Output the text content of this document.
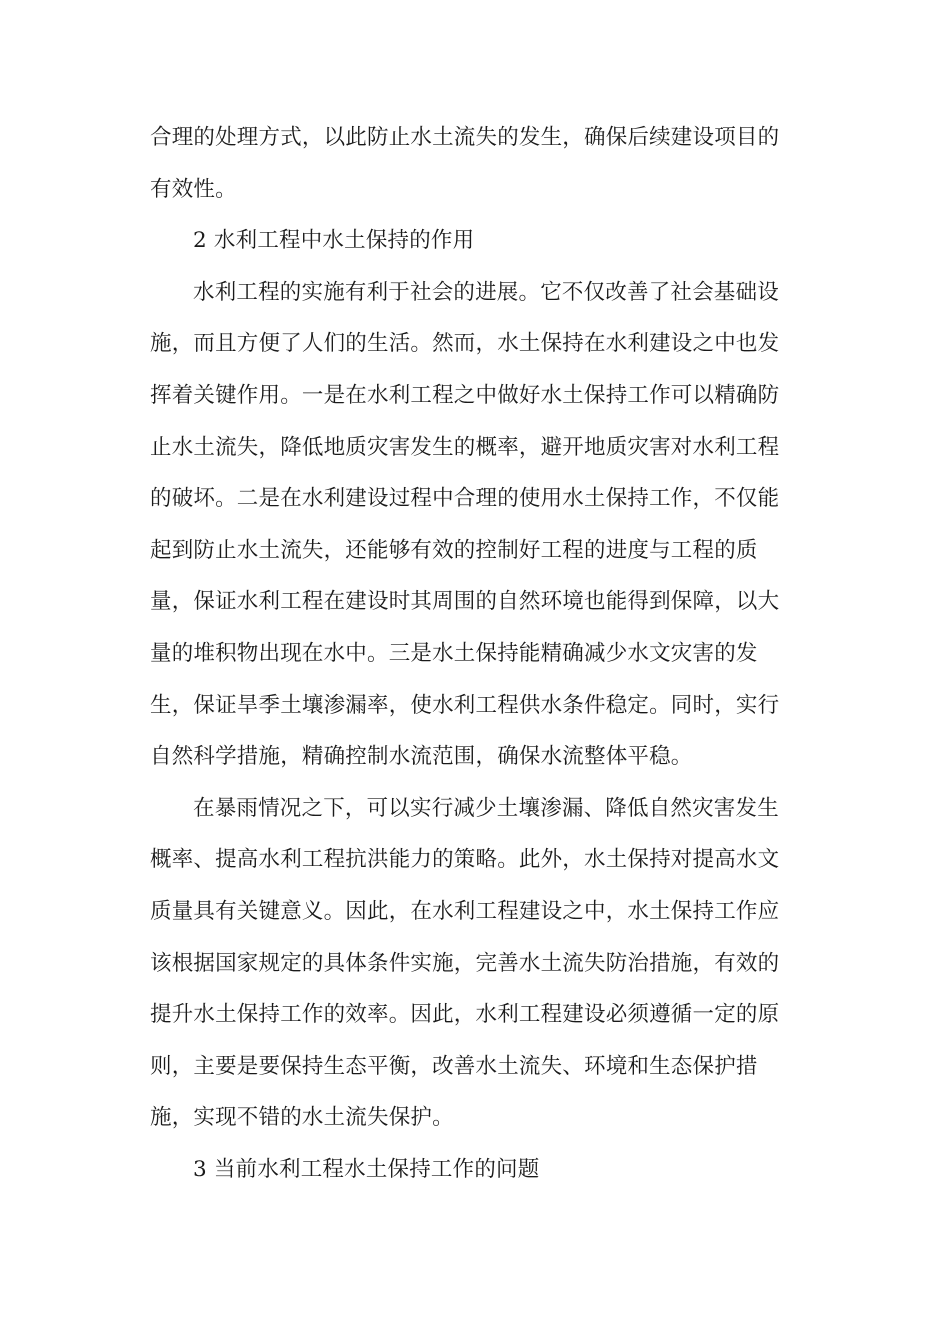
合理的处理方式，以此防止水土流失的发生，确保后续建设项目的
有效性。
2 水利工程中水土保持的作用
水利工程的实施有利于社会的进展。它不仅改善了社会基础设
施，而且方便了人们的生活。然而，水土保持在水利建设之中也发
挥着关键作用。一是在水利工程之中做好水土保持工作可以精确防
止水土流失，降低地质灾害发生的概率，避开地质灾害对水利工程
的破坏。二是在水利建设过程中合理的使用水土保持工作，不仅能
起到防止水土流失，还能够有效的控制好工程的进度与工程的质
量，保证水利工程在建设时其周围的自然环境也能得到保障，以大
量的堆积物出现在水中。三是水土保持能精确减少水文灾害的发
生，保证旱季土壤渗漏率，使水利工程供水条件稳定。同时，实行
自然科学措施，精确控制水流范围，确保水流整体平稳。
在暴雨情况之下，可以实行减少土壤渗漏、降低自然灾害发生
概率、提高水利工程抗洪能力的策略。此外，水土保持对提高水文
质量具有关键意义。因此，在水利工程建设之中，水土保持工作应
该根据国家规定的具体条件实施，完善水土流失防治措施，有效的
提升水土保持工作的效率。因此，水利工程建设必须遵循一定的原
则，主要是要保持生态平衡，改善水土流失、环境和生态保护措
施，实现不错的水土流失保护。
3 当前水利工程水土保持工作的问题
